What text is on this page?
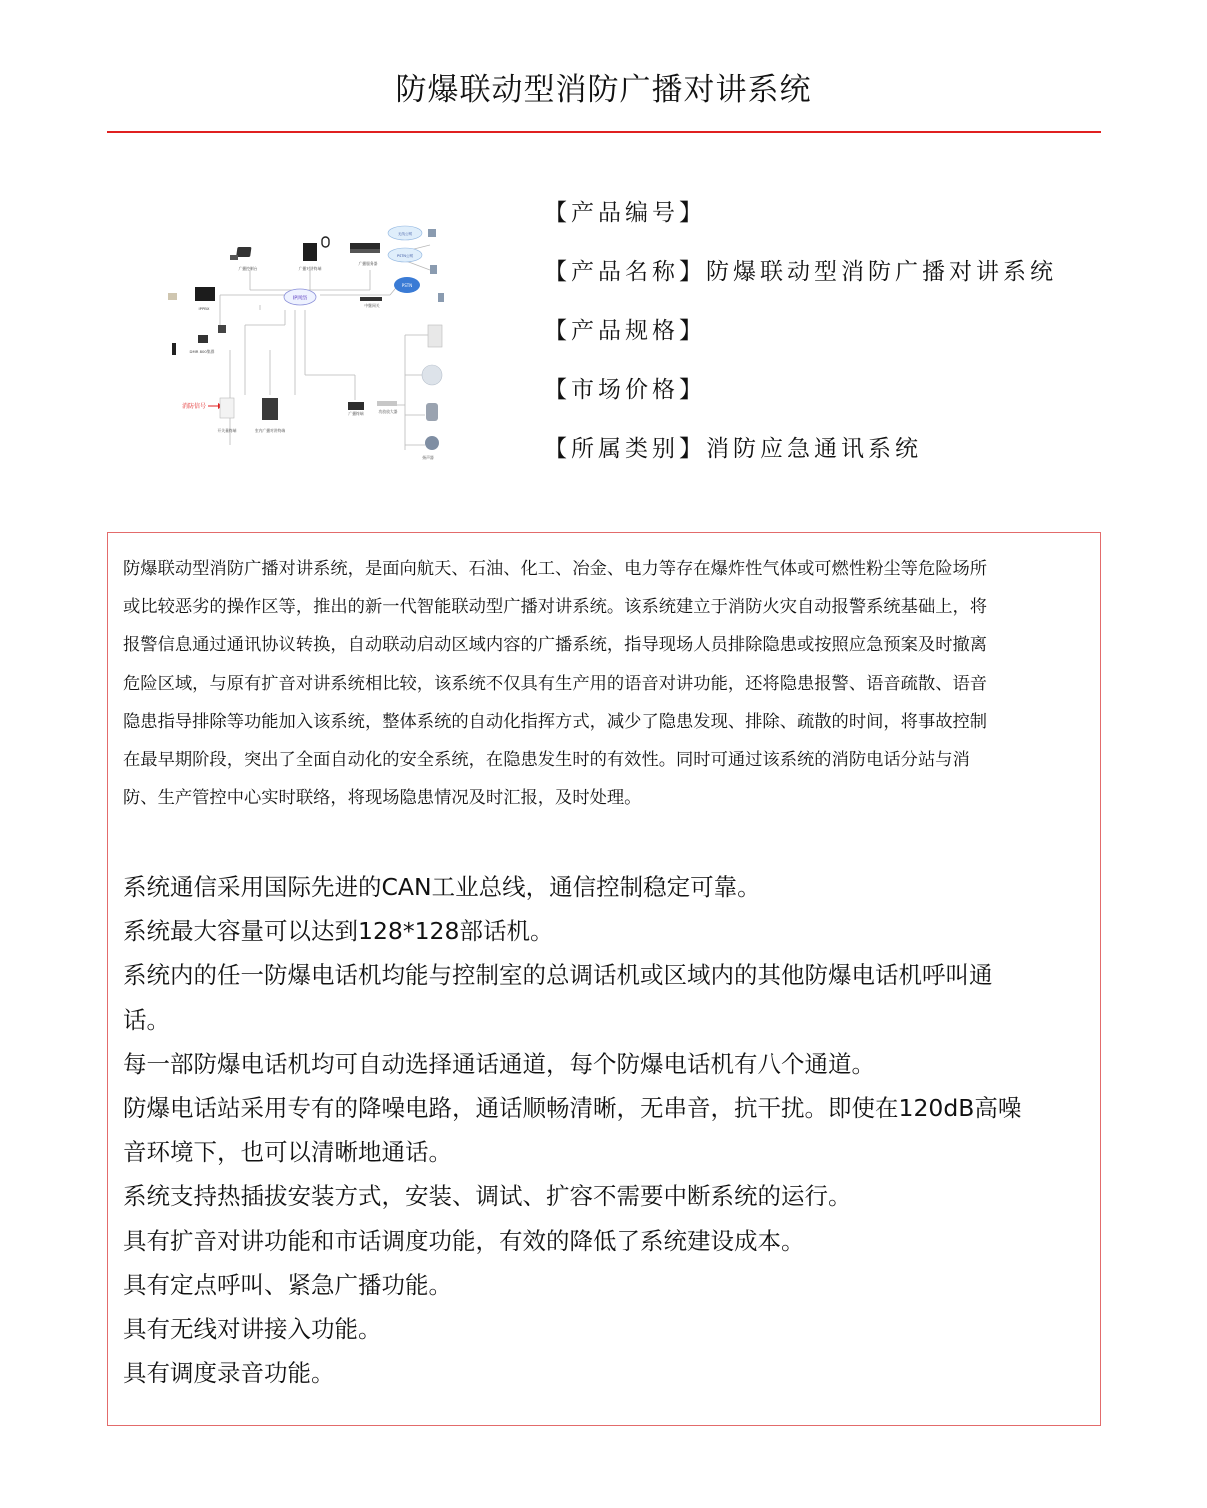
防爆联动型消防广播对讲系统
IP网络
广播控制台	广播对讲终端
广播服务器
无线公网
PSTN公网
PSTN
IPPBX
中继网关
DMR 800集群
消防信号
开关量终端	室内广播对讲终端
广播终端	功放放大器
扬声器
【产品编号】
【产品名称】防爆联动型消防广播对讲系统
【产品规格】
【市场价格】
【所属类别】消防应急通讯系统

防爆联动型消防广播对讲系统，是面向航天、石油、化工、冶金、电力等存在爆炸性气体或可燃性粉尘等危险场所

或比较恶劣的操作区等，推出的新一代智能联动型广播对讲系统。该系统建立于消防火灾自动报警系统基础上，将

报警信息通过通讯协议转换，自动联动启动区域内容的广播系统，指导现场人员排除隐患或按照应急预案及时撤离

危险区域，与原有扩音对讲系统相比较，该系统不仅具有生产用的语音对讲功能，还将隐患报警、语音疏散、语音

隐患指导排除等功能加入该系统，整体系统的自动化指挥方式，减少了隐患发现、排除、疏散的时间，将事故控制

在最早期阶段，突出了全面自动化的安全系统，在隐患发生时的有效性。同时可通过该系统的消防电话分站与消

防、生产管控中心实时联络，将现场隐患情况及时汇报，及时处理。

系统通信采用国际先进的CAN工业总线，通信控制稳定可靠。

系统最大容量可以达到128*128部话机。

系统内的任一防爆电话机均能与控制室的总调话机或区域内的其他防爆电话机呼叫通

话。

每一部防爆电话机均可自动选择通话通道，每个防爆电话机有八个通道。

防爆电话站采用专有的降噪电路，通话顺畅清晰，无串音，抗干扰。即使在120dB高噪

音环境下，也可以清晰地通话。

系统支持热插拔安装方式，安装、调试、扩容不需要中断系统的运行。

具有扩音对讲功能和市话调度功能，有效的降低了系统建设成本。

具有定点呼叫、紧急广播功能。

具有无线对讲接入功能。

具有调度录音功能。
